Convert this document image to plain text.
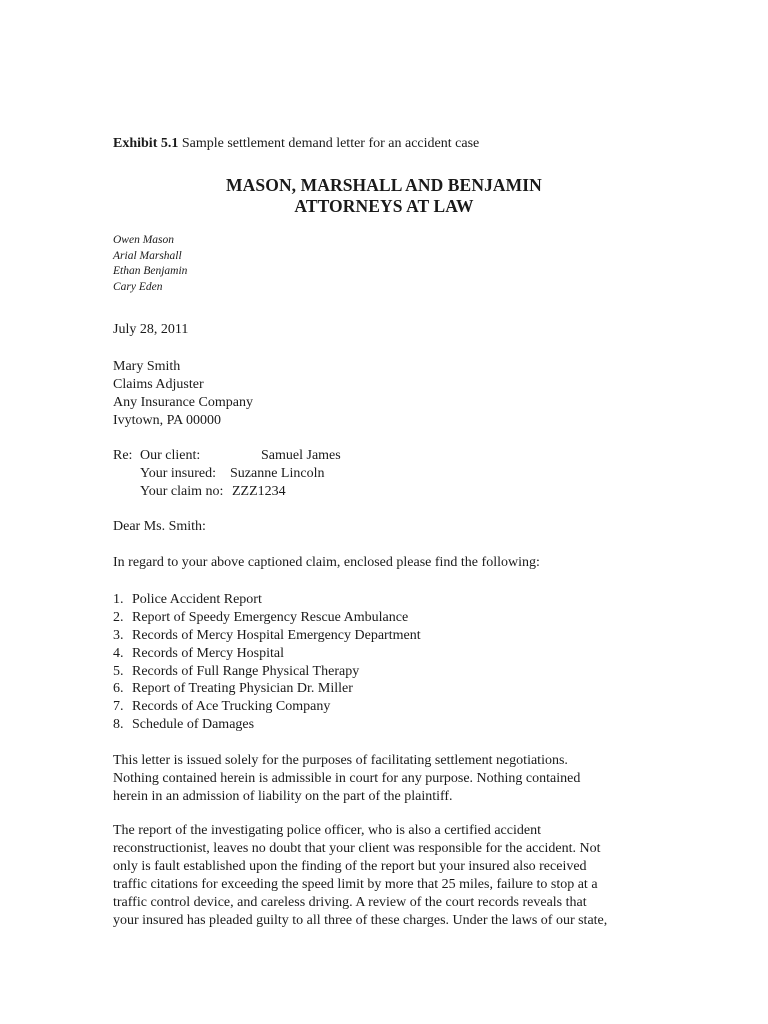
Exhibit 5.1 Sample settlement demand letter for an accident case
MASON, MARSHALL AND BENJAMIN
ATTORNEYS AT LAW
Owen Mason
Arial Marshall
Ethan Benjamin
Cary Eden
July 28, 2011
Mary Smith
Claims Adjuster
Any Insurance Company
Ivytown, PA 00000
Re: Our client:	Samuel James
Your insured: Suzanne Lincoln
Your claim no: ZZZ1234
Dear Ms. Smith:
In regard to your above captioned claim, enclosed please find the following:
1. Police Accident Report
2. Report of Speedy Emergency Rescue Ambulance
3. Records of Mercy Hospital Emergency Department
4. Records of Mercy Hospital
5. Records of Full Range Physical Therapy
6. Report of Treating Physician Dr. Miller
7. Records of Ace Trucking Company
8. Schedule of Damages
This letter is issued solely for the purposes of facilitating settlement negotiations.
Nothing contained herein is admissible in court for any purpose. Nothing contained
herein in an admission of liability on the part of the plaintiff.
The report of the investigating police officer, who is also a certified accident
reconstructionist, leaves no doubt that your client was responsible for the accident. Not
only is fault established upon the finding of the report but your insured also received
traffic citations for exceeding the speed limit by more that 25 miles, failure to stop at a
traffic control device, and careless driving. A review of the court records reveals that
your insured has pleaded guilty to all three of these charges. Under the laws of our state,
